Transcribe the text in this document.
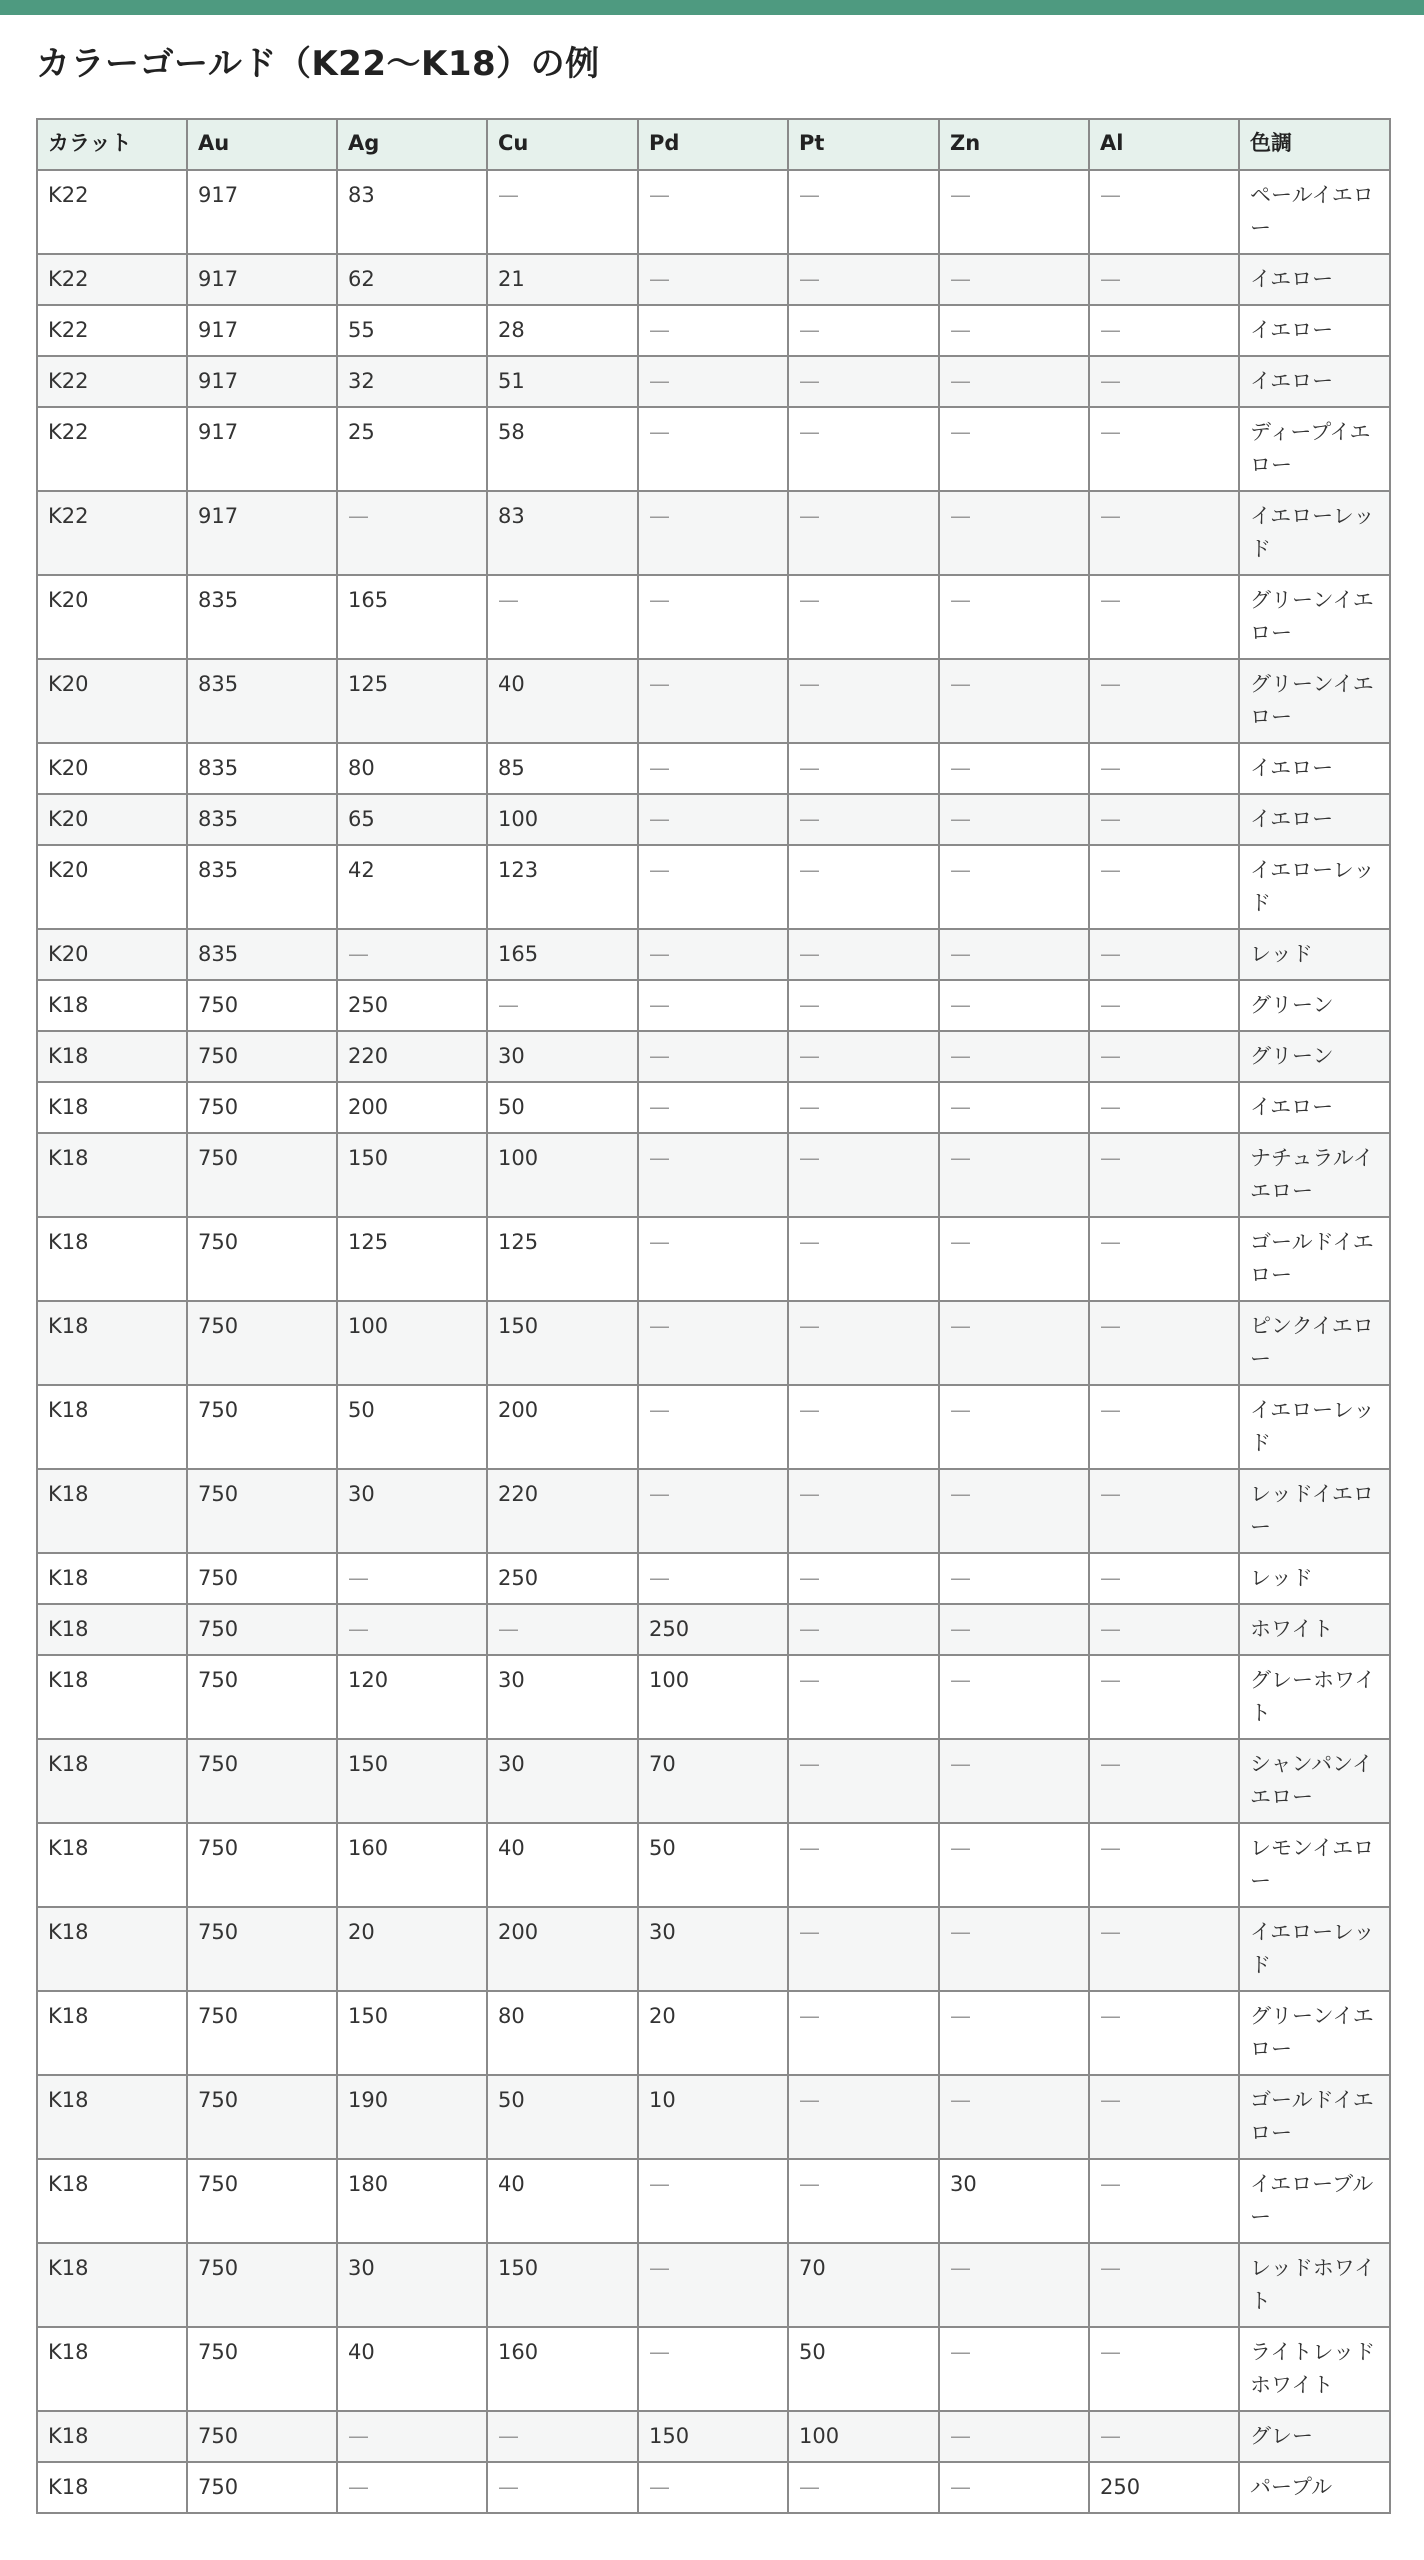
カラーゴールド（K22〜K18）の例
カラット	Au	Ag	Cu	Pd	Pt	Zn	Al	色調
K22	917	83	—	—	—	—	—	ペールイエロー
K22	917	62	21	—	—	—	—	イエロー
K22	917	55	28	—	—	—	—	イエロー
K22	917	32	51	—	—	—	—	イエロー
K22	917	25	58	—	—	—	—	ディープイエロー
K22	917	—	83	—	—	—	—	イエローレッド
K20	835	165	—	—	—	—	—	グリーンイエロー
K20	835	125	40	—	—	—	—	グリーンイエロー
K20	835	80	85	—	—	—	—	イエロー
K20	835	65	100	—	—	—	—	イエロー
K20	835	42	123	—	—	—	—	イエローレッド
K20	835	—	165	—	—	—	—	レッド
K18	750	250	—	—	—	—	—	グリーン
K18	750	220	30	—	—	—	—	グリーン
K18	750	200	50	—	—	—	—	イエロー
K18	750	150	100	—	—	—	—	ナチュラルイエロー
K18	750	125	125	—	—	—	—	ゴールドイエロー
K18	750	100	150	—	—	—	—	ピンクイエロー
K18	750	50	200	—	—	—	—	イエローレッド
K18	750	30	220	—	—	—	—	レッドイエロー
K18	750	—	250	—	—	—	—	レッド
K18	750	—	—	250	—	—	—	ホワイト
K18	750	120	30	100	—	—	—	グレーホワイト
K18	750	150	30	70	—	—	—	シャンパンイエロー
K18	750	160	40	50	—	—	—	レモンイエロー
K18	750	20	200	30	—	—	—	イエローレッド
K18	750	150	80	20	—	—	—	グリーンイエロー
K18	750	190	50	10	—	—	—	ゴールドイエロー
K18	750	180	40	—	—	30	—	イエローブルー
K18	750	30	150	—	70	—	—	レッドホワイト
K18	750	40	160	—	50	—	—	ライトレッドホワイト
K18	750	—	—	150	100	—	—	グレー
K18	750	—	—	—	—	—	250	パープル
